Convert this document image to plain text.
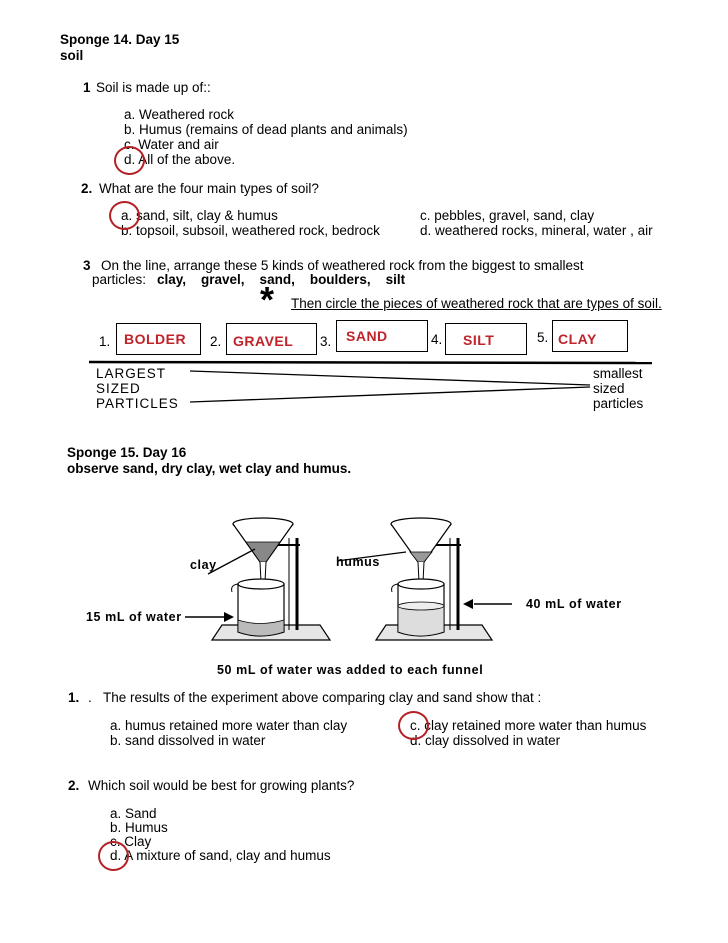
Sponge 14. Day 15
soil
1 Soil is made up of::
a. Weathered rock
b. Humus (remains of dead plants and animals)
c. Water and air
d. All of the above.
2. What are the four main types of soil?
a. sand, silt, clay & humus
b. topsoil, subsoil, weathered rock, bedrock
c. pebbles, gravel, sand, clay
d. weathered rocks, mineral, water , air
3 On the line, arrange these 5 kinds of weathered rock from the biggest to smallest
particles: clay,    gravel,    sand,    boulders,    silt
* Then circle the pieces of weathered rock that are types of soil.
1. BOLDER 2. GRAVEL 3. SAND	4. SILT	5. CLAY
LARGEST
SIZED
PARTICLES
smallest
sized
particles
Sponge 15. Day 16
observe sand, dry clay, wet clay and humus.
clay	humus
15 mL of water
40 mL of water
50 mL of water was added to each funnel
1. . The results of the experiment above comparing clay and sand show that :
a. humus retained more water than clay
b. sand dissolved in water
c. clay retained more water than humus
d. clay dissolved in water
2. Which soil would be best for growing plants?
a. Sand
b. Humus
c. Clay
d. A mixture of sand, clay and humus
